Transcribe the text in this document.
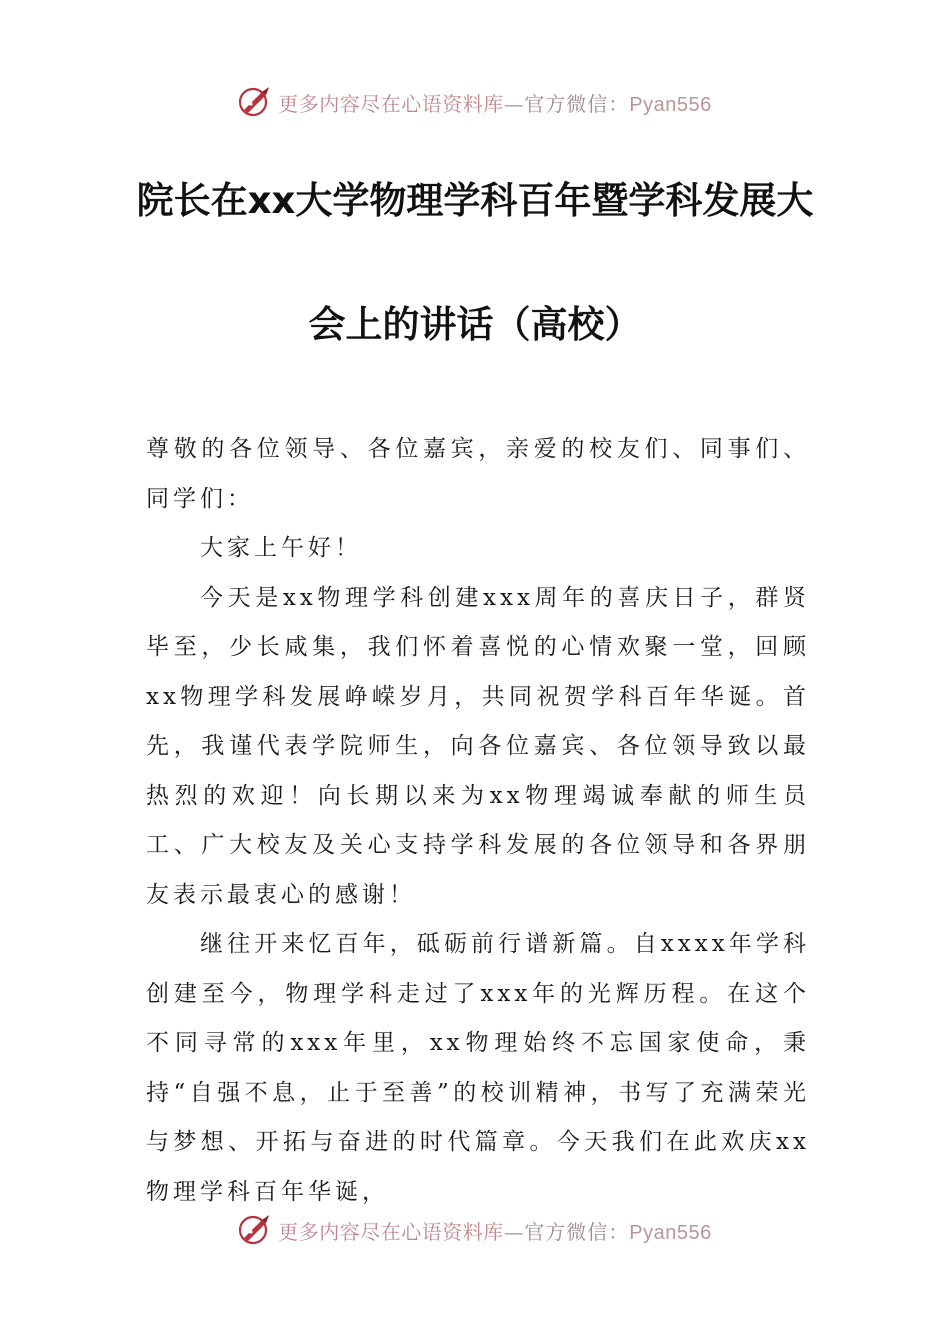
更多内容尽在心语资料库—官方微信：Pyan556
院长在xx大学物理学科百年暨学科发展大
会上的讲话（高校）

尊敬的各位领导、各位嘉宾，亲爱的校友们、同事们、同学们：

大家上午好！

今天是xx物理学科创建xxx周年的喜庆日子，群贤毕至，少长咸集，我们怀着喜悦的心情欢聚一堂，回顾xx物理学科发展峥嵘岁月，共同祝贺学科百年华诞。首先，我谨代表学院师生，向各位嘉宾、各位领导致以最热烈的欢迎！向长期以来为xx物理竭诚奉献的师生员工、广大校友及关心支持学科发展的各位领导和各界朋友表示最衷心的感谢！

继往开来忆百年，砥砺前行谱新篇。自xxxx年学科创建至今，物理学科走过了xxx年的光辉历程。在这个不同寻常的xxx年里，xx物理始终不忘国家使命，秉持“自强不息，止于至善”的校训精神，书写了充满荣光与梦想、开拓与奋进的时代篇章。今天我们在此欢庆xx物理学科百年华诞，

更多内容尽在心语资料库—官方微信：Pyan556
